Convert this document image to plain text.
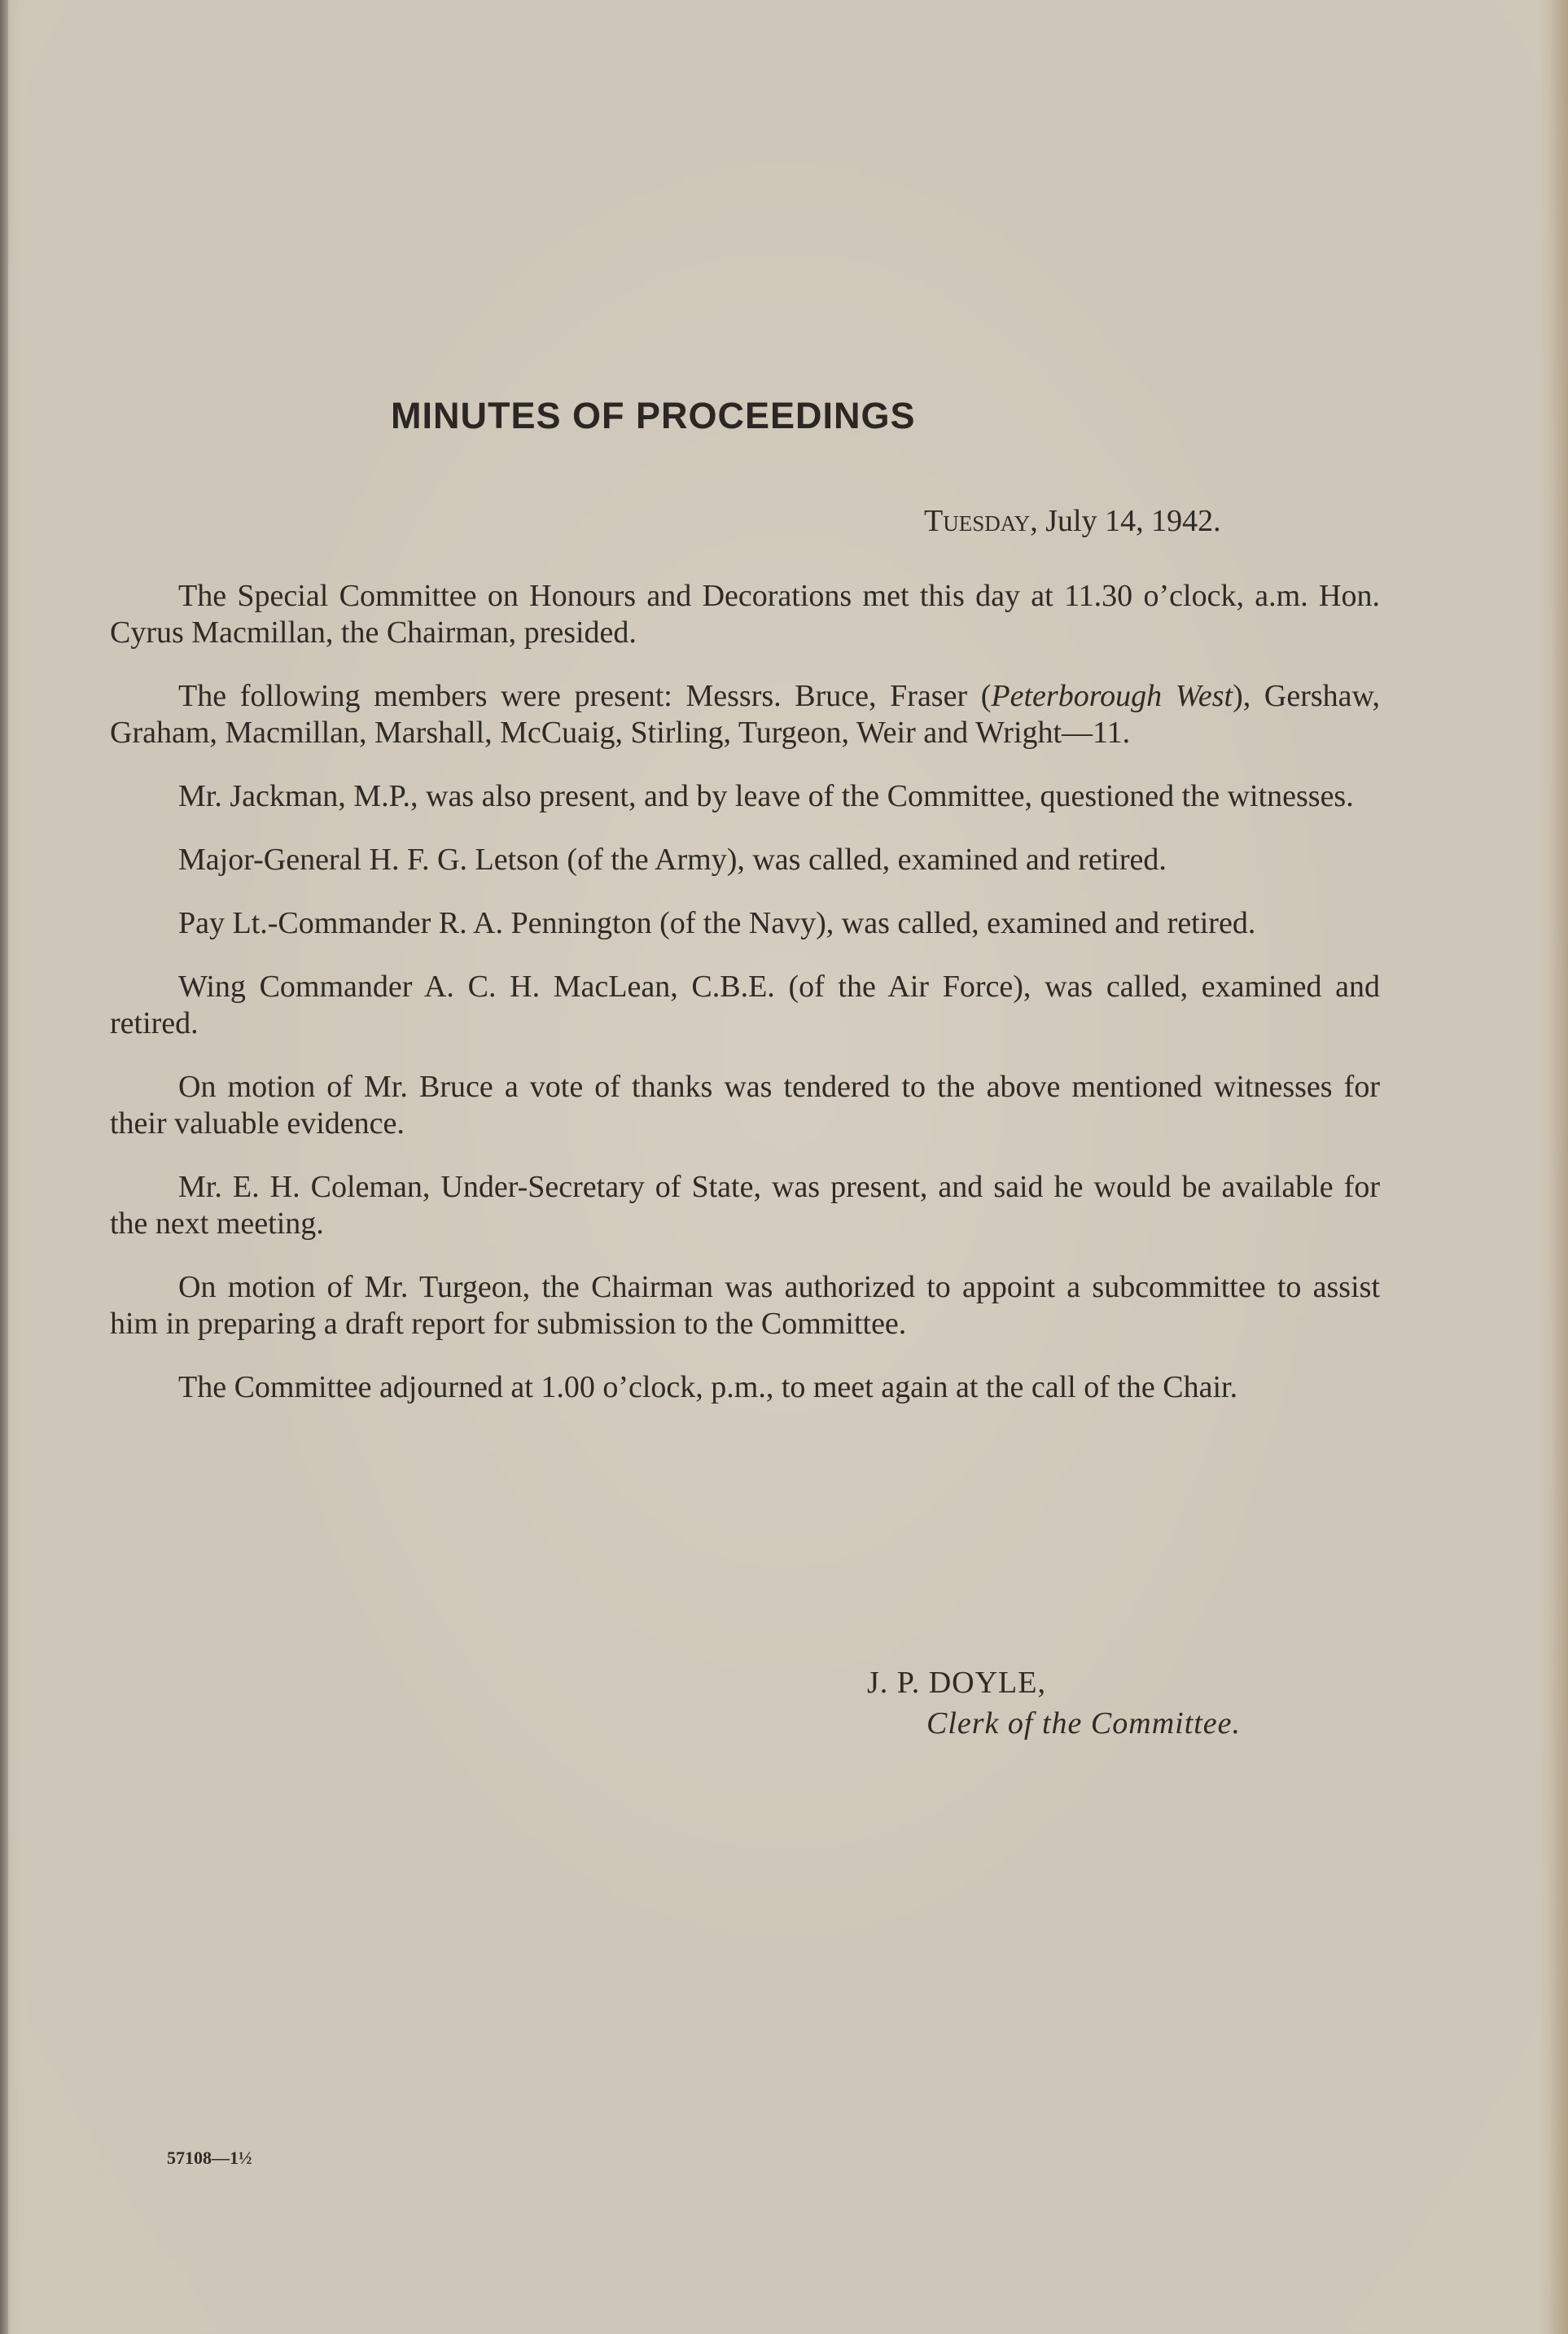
MINUTES OF PROCEEDINGS
Tuesday, July 14, 1942.

The Special Committee on Honours and Decorations met this day at 11.30 o’clock, a.m. Hon. Cyrus Macmillan, the Chairman, presided.

The following members were present: Messrs. Bruce, Fraser (Peterborough West), Gershaw, Graham, Macmillan, Marshall, McCuaig, Stirling, Turgeon, Weir and Wright—11.

Mr. Jackman, M.P., was also present, and by leave of the Committee, questioned the witnesses.

Major-General H. F. G. Letson (of the Army), was called, examined and retired.

Pay Lt.-Commander R. A. Pennington (of the Navy), was called, examined and retired.

Wing Commander A. C. H. MacLean, C.B.E. (of the Air Force), was called, examined and retired.

On motion of Mr. Bruce a vote of thanks was tendered to the above mentioned witnesses for their valuable evidence.

Mr. E. H. Coleman, Under-Secretary of State, was present, and said he would be available for the next meeting.

On motion of Mr. Turgeon, the Chairman was authorized to appoint a subcommittee to assist him in preparing a draft report for submission to the Committee.

The Committee adjourned at 1.00 o’clock, p.m., to meet again at the call of the Chair.

J. P. DOYLE,
Clerk of the Committee.
57108—1½
